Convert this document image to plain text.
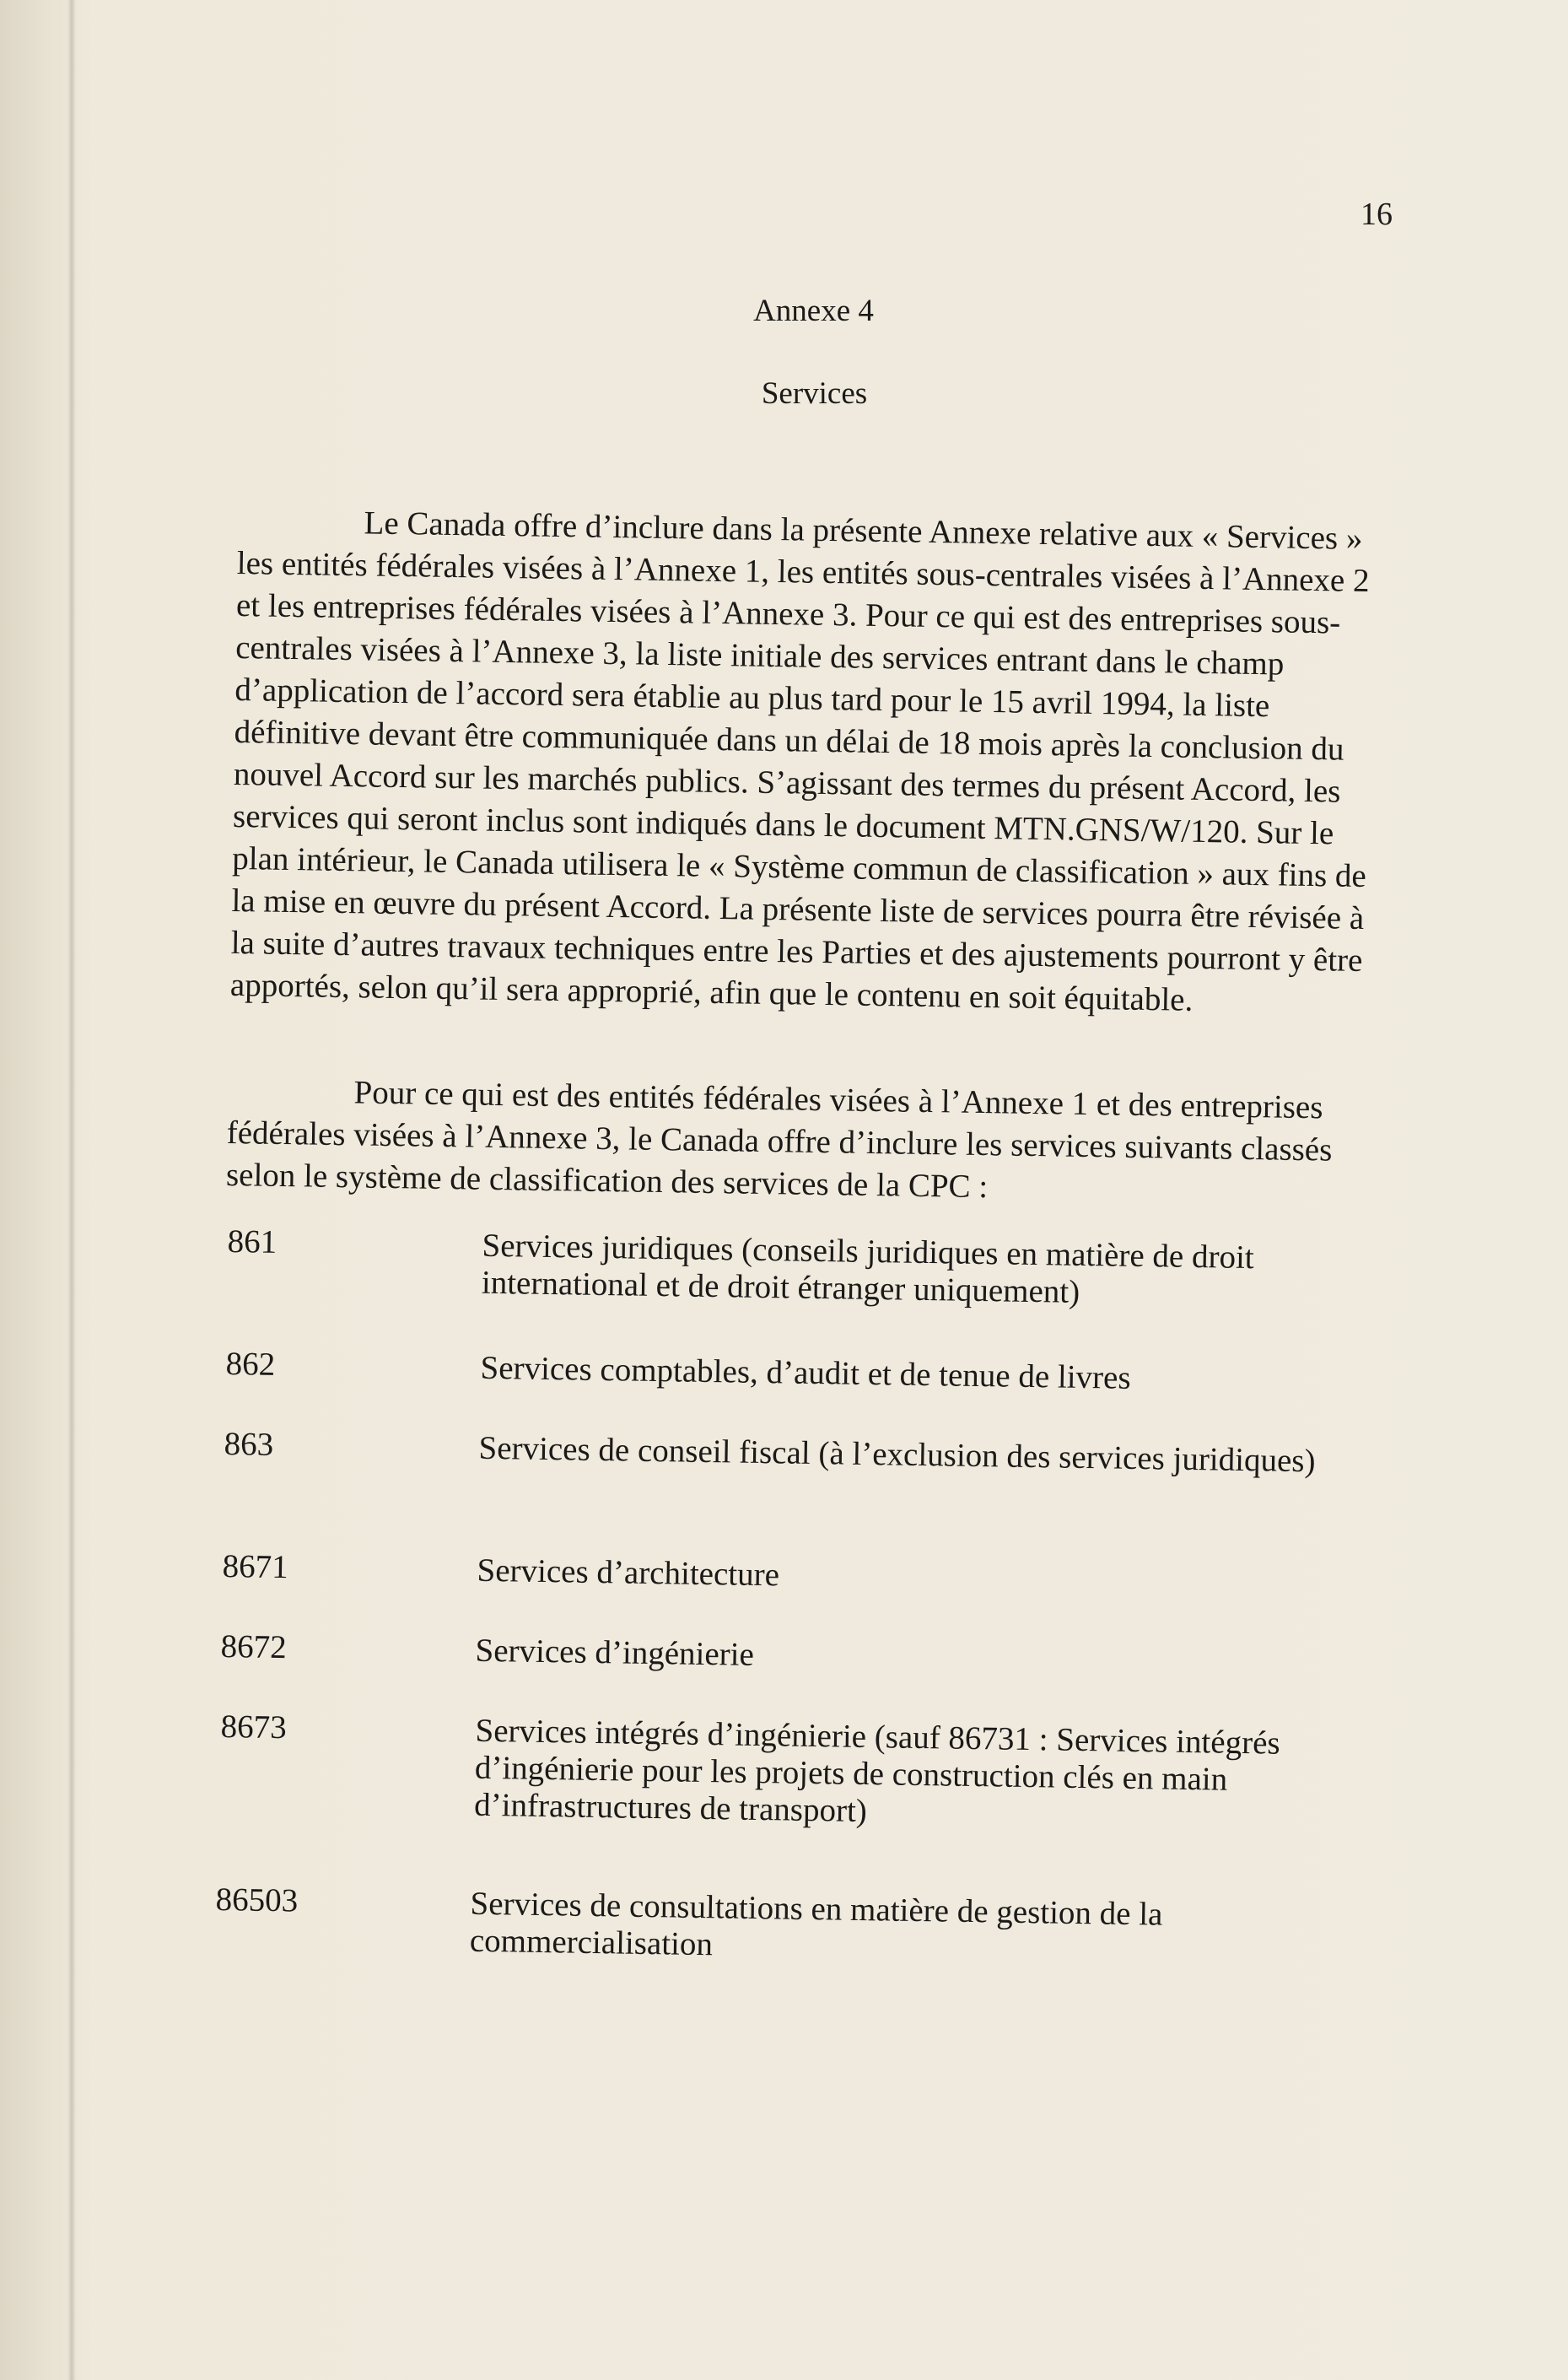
16
Annexe 4
Services
Le Canada offre d’inclure dans la présente Annexe relative aux « Services » les entités fédérales visées à l’Annexe 1, les entités sous-centrales visées à l’Annexe 2 et les entreprises fédérales visées à l’Annexe 3. Pour ce qui est des entreprises sous-centrales visées à l’Annexe 3, la liste initiale des services entrant dans le champ d’application de l’accord sera établie au plus tard pour le 15 avril 1994, la liste définitive devant être communiquée dans un délai de 18 mois après la conclusion du nouvel Accord sur les marchés publics. S’agissant des termes du présent Accord, les services qui seront inclus sont indiqués dans le document MTN.GNS/W/120. Sur le plan intérieur, le Canada utilisera le « Système commun de classification » aux fins de la mise en œuvre du présent Accord. La présente liste de services pourra être révisée à la suite d’autres travaux techniques entre les Parties et des ajustements pourront y être apportés, selon qu’il sera approprié, afin que le contenu en soit équitable.
Pour ce qui est des entités fédérales visées à l’Annexe 1 et des entreprises fédérales visées à l’Annexe 3, le Canada offre d’inclure les services suivants classés selon le système de classification des services de la CPC :
861	Services juridiques (conseils juridiques en matière de droit international et de droit étranger uniquement)
862	Services comptables, d’audit et de tenue de livres
863	Services de conseil fiscal (à l’exclusion des services juridiques)
8671	Services d’architecture
8672	Services d’ingénierie
8673	Services intégrés d’ingénierie (sauf 86731 : Services intégrés d’ingénierie pour les projets de construction clés en main d’infrastructures de transport)
86503	Services de consultations en matière de gestion de la commercialisation
